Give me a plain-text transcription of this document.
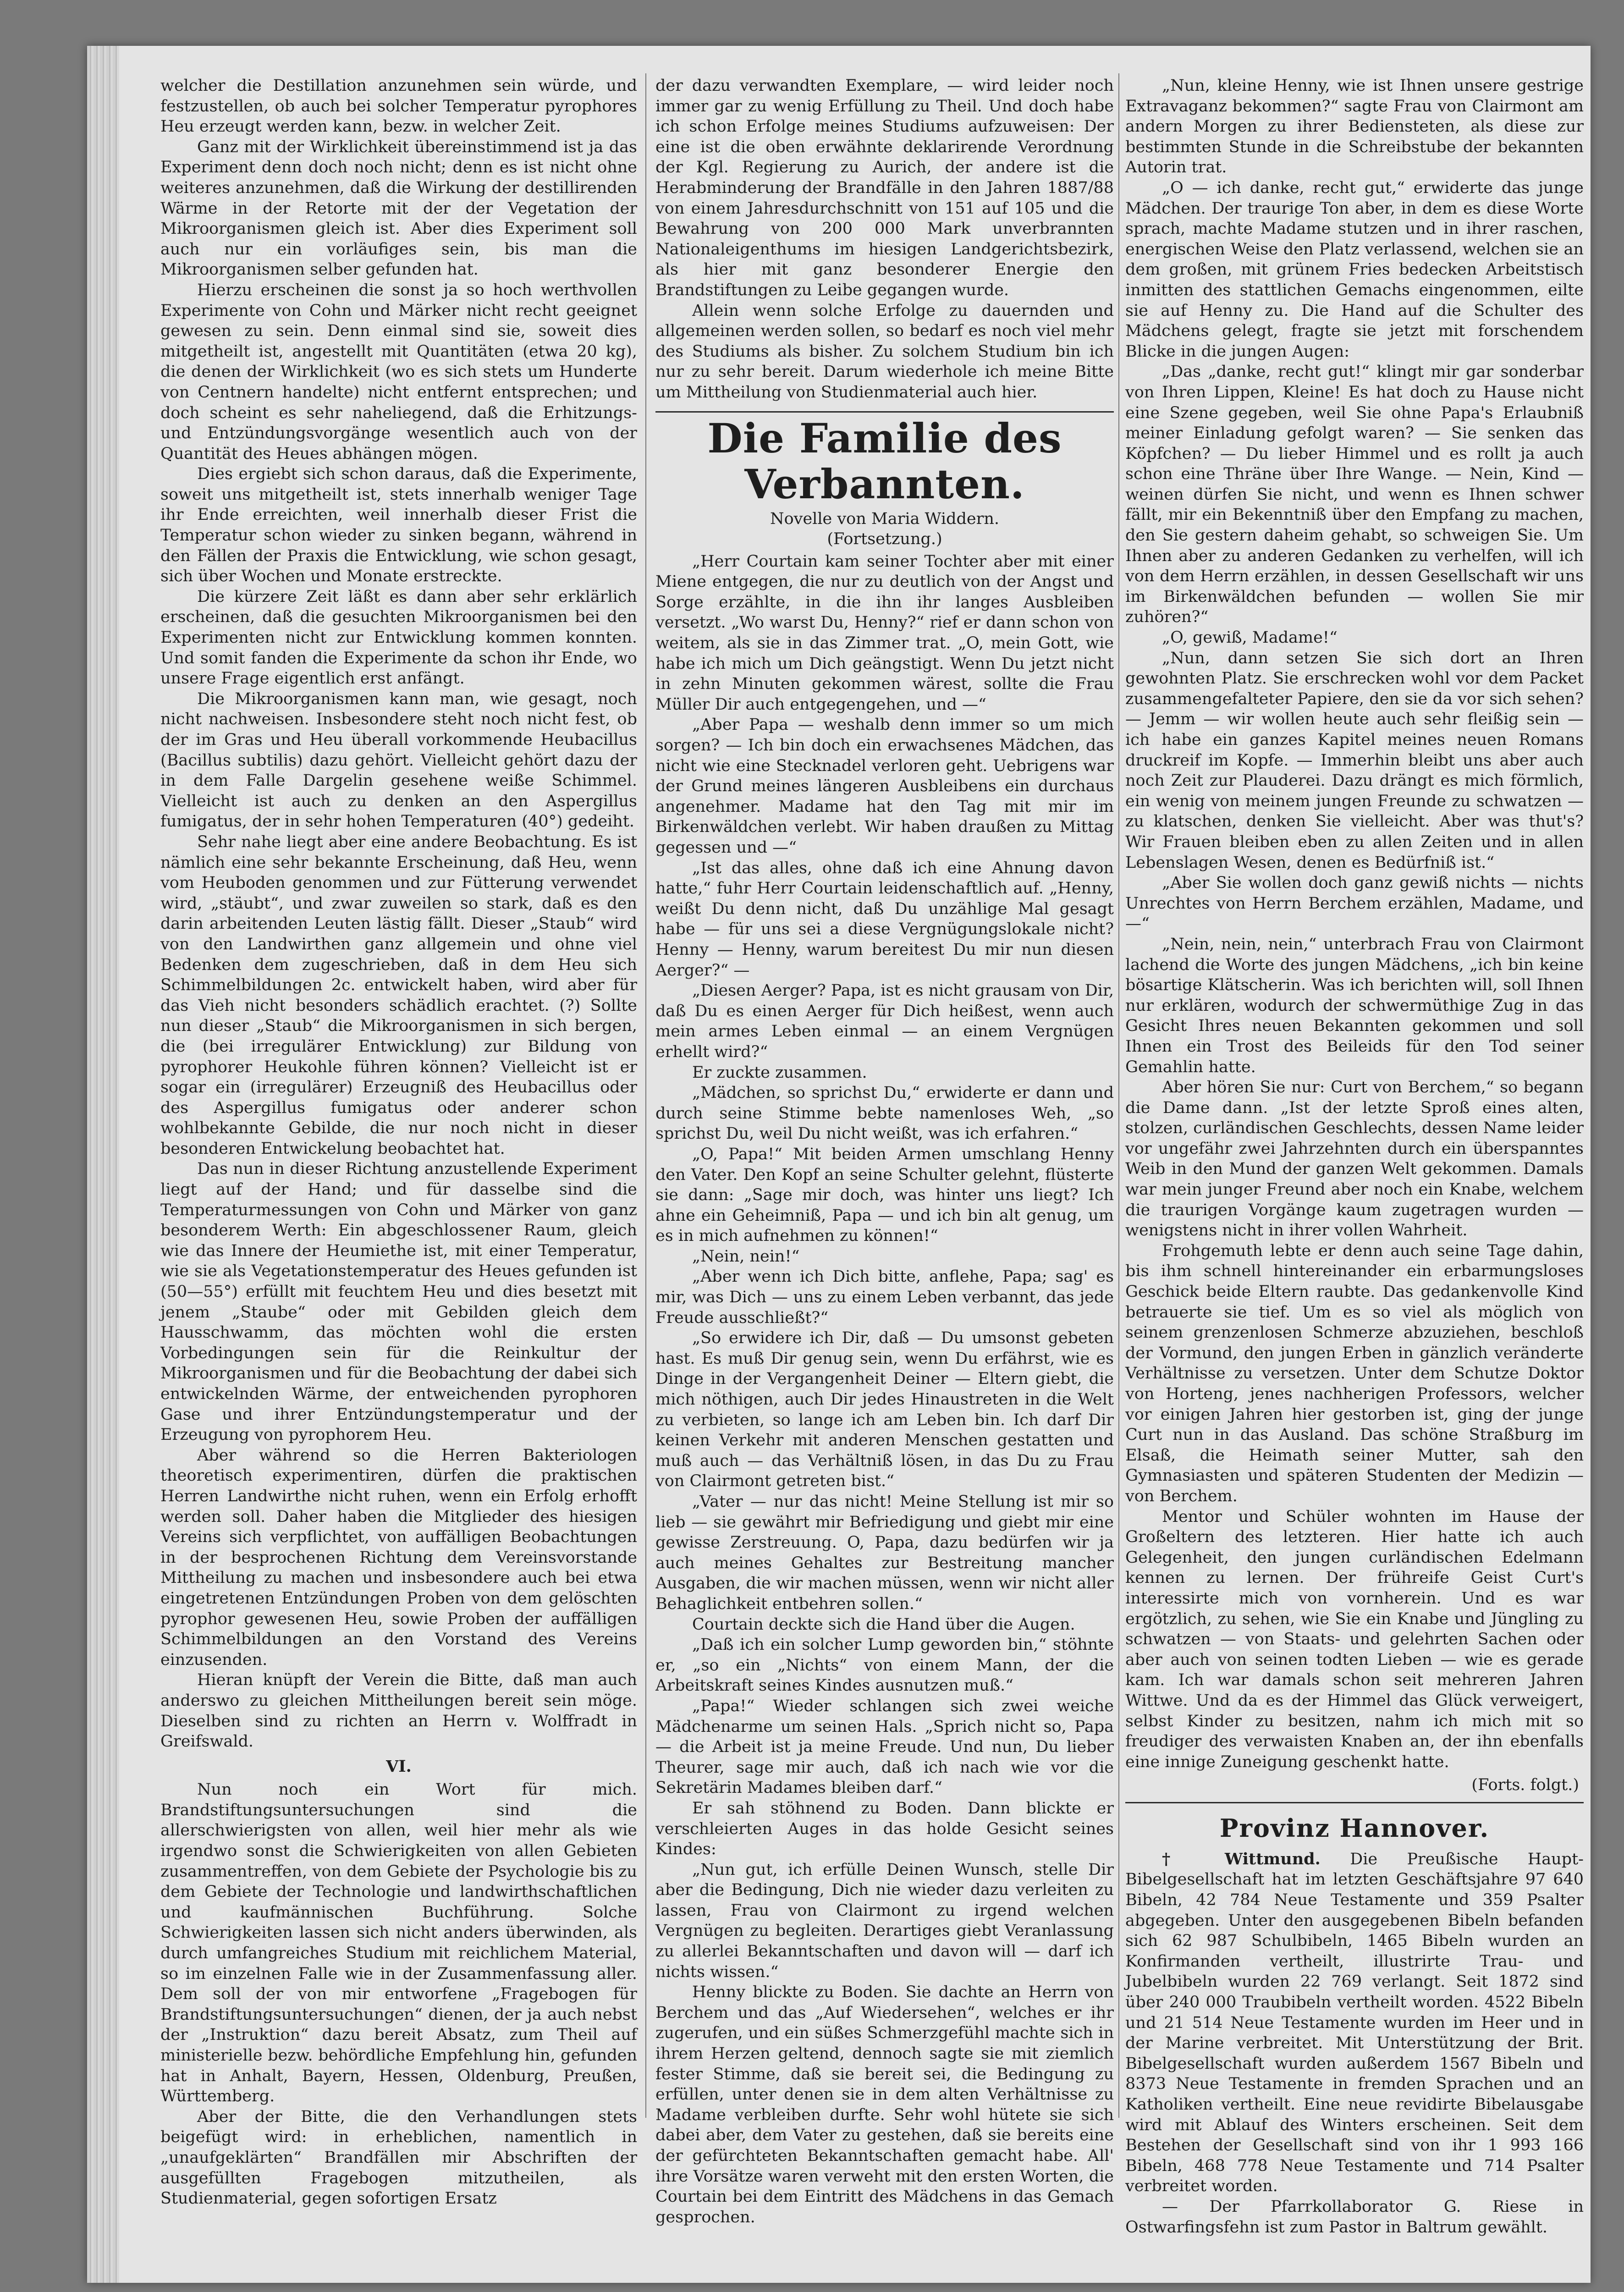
welcher die Destillation anzunehmen sein würde, und festzustellen, ob auch bei solcher Temperatur pyrophores Heu erzeugt werden kann, bezw. in welcher Zeit.

Ganz mit der Wirklichkeit übereinstimmend ist ja das Experiment denn doch noch nicht; denn es ist nicht ohne weiteres anzunehmen, daß die Wirkung der destillirenden Wärme in der Retorte mit der der Vegetation der Mikroorganismen gleich ist. Aber dies Experiment soll auch nur ein vorläufiges sein, bis man die Mikroorganismen selber gefunden hat.

Hierzu erscheinen die sonst ja so hoch werthvollen Experimente von Cohn und Märker nicht recht geeignet gewesen zu sein. Denn einmal sind sie, soweit dies mitgetheilt ist, angestellt mit Quantitäten (etwa 20 kg), die denen der Wirklichkeit (wo es sich stets um Hunderte von Centnern handelte) nicht entfernt entsprechen; und doch scheint es sehr naheliegend, daß die Erhitzungs- und Entzündungsvorgänge wesentlich auch von der Quantität des Heues abhängen mögen.

Dies ergiebt sich schon daraus, daß die Experimente, soweit uns mitgetheilt ist, stets innerhalb weniger Tage ihr Ende erreichten, weil innerhalb dieser Frist die Temperatur schon wieder zu sinken begann, während in den Fällen der Praxis die Entwicklung, wie schon gesagt, sich über Wochen und Monate erstreckte.

Die kürzere Zeit läßt es dann aber sehr erklärlich erscheinen, daß die gesuchten Mikroorganismen bei den Experimenten nicht zur Entwicklung kommen konnten. Und somit fanden die Experimente da schon ihr Ende, wo unsere Frage eigentlich erst anfängt.

Die Mikroorganismen kann man, wie gesagt, noch nicht nachweisen. Insbesondere steht noch nicht fest, ob der im Gras und Heu überall vorkommende Heubacillus (Bacillus subtilis) dazu gehört. Vielleicht gehört dazu der in dem Falle Dargelin gesehene weiße Schimmel. Vielleicht ist auch zu denken an den Aspergillus fumigatus, der in sehr hohen Temperaturen (40°) gedeiht.

Sehr nahe liegt aber eine andere Beobachtung. Es ist nämlich eine sehr bekannte Erscheinung, daß Heu, wenn vom Heuboden genommen und zur Fütterung verwendet wird, „stäubt“, und zwar zuweilen so stark, daß es den darin arbeitenden Leuten lästig fällt. Dieser „Staub“ wird von den Landwirthen ganz allgemein und ohne viel Bedenken dem zugeschrieben, daß in dem Heu sich Schimmelbildungen 2c. entwickelt haben, wird aber für das Vieh nicht besonders schädlich erachtet. (?) Sollte nun dieser „Staub“ die Mikroorganismen in sich bergen, die (bei irregulärer Entwicklung) zur Bildung von pyrophorer Heukohle führen können? Vielleicht ist er sogar ein (irregulärer) Erzeugniß des Heubacillus oder des Aspergillus fumigatus oder anderer schon wohlbekannte Gebilde, die nur noch nicht in dieser besonderen Entwickelung beobachtet hat.

Das nun in dieser Richtung anzustellende Experiment liegt auf der Hand; und für dasselbe sind die Temperaturmessungen von Cohn und Märker von ganz besonderem Werth: Ein abgeschlossener Raum, gleich wie das Innere der Heumiethe ist, mit einer Temperatur, wie sie als Vegetationstemperatur des Heues gefunden ist (50—55°) erfüllt mit feuchtem Heu und dies besetzt mit jenem „Staube“ oder mit Gebilden gleich dem Hausschwamm, das möchten wohl die ersten Vorbedingungen sein für die Reinkultur der Mikroorganismen und für die Beobachtung der dabei sich entwickelnden Wärme, der entweichenden pyrophoren Gase und ihrer Entzündungstemperatur und der Erzeugung von pyrophorem Heu.

Aber während so die Herren Bakteriologen theoretisch experimentiren, dürfen die praktischen Herren Landwirthe nicht ruhen, wenn ein Erfolg erhofft werden soll. Daher haben die Mitglieder des hiesigen Vereins sich verpflichtet, von auffälligen Beobachtungen in der besprochenen Richtung dem Vereinsvorstande Mittheilung zu machen und insbesondere auch bei etwa eingetretenen Entzündungen Proben von dem gelöschten pyrophor gewesenen Heu, sowie Proben der auffälligen Schimmelbildungen an den Vorstand des Vereins einzusenden.

Hieran knüpft der Verein die Bitte, daß man auch anderswo zu gleichen Mittheilungen bereit sein möge. Dieselben sind zu richten an Herrn v. Wolffradt in Greifswald.

VI.

Nun noch ein Wort für mich. Brandstiftungsuntersuchungen sind die allerschwierigsten von allen, weil hier mehr als wie irgendwo sonst die Schwierigkeiten von allen Gebieten zusammentreffen, von dem Gebiete der Psychologie bis zu dem Gebiete der Technologie und landwirthschaftlichen und kaufmännischen Buchführung. Solche Schwierigkeiten lassen sich nicht anders überwinden, als durch umfangreiches Studium mit reichlichem Material, so im einzelnen Falle wie in der Zusammenfassung aller. Dem soll der von mir entworfene „Fragebogen für Brandstiftungsuntersuchungen“ dienen, der ja auch nebst der „Instruktion“ dazu bereit Absatz, zum Theil auf ministerielle bezw. behördliche Empfehlung hin, gefunden hat in Anhalt, Bayern, Hessen, Oldenburg, Preußen, Württemberg.

Aber der Bitte, die den Verhandlungen stets beigefügt wird: in erheblichen, namentlich in „unaufgeklärten“ Brandfällen mir Abschriften der ausgefüllten Fragebogen mitzutheilen, als Studienmaterial, gegen sofortigen Ersatz

der dazu verwandten Exemplare, — wird leider noch immer gar zu wenig Erfüllung zu Theil. Und doch habe ich schon Erfolge meines Studiums aufzuweisen: Der eine ist die oben erwähnte deklarirende Verordnung der Kgl. Regierung zu Aurich, der andere ist die Herabminderung der Brandfälle in den Jahren 1887/88 von einem Jahresdurchschnitt von 151 auf 105 und die Bewahrung von 200 000 Mark unverbrannten Nationaleigenthums im hiesigen Landgerichtsbezirk, als hier mit ganz besonderer Energie den Brandstiftungen zu Leibe gegangen wurde.

Allein wenn solche Erfolge zu dauernden und allgemeinen werden sollen, so bedarf es noch viel mehr des Studiums als bisher. Zu solchem Studium bin ich nur zu sehr bereit. Darum wiederhole ich meine Bitte um Mittheilung von Studienmaterial auch hier.

Die Familie des Verbannten.
Novelle von Maria Widdern.
(Fortsetzung.)

„Herr Courtain kam seiner Tochter aber mit einer Miene entgegen, die nur zu deutlich von der Angst und Sorge erzählte, in die ihn ihr langes Ausbleiben versetzt. „Wo warst Du, Henny?“ rief er dann schon von weitem, als sie in das Zimmer trat. „O, mein Gott, wie habe ich mich um Dich geängstigt. Wenn Du jetzt nicht in zehn Minuten gekommen wärest, sollte die Frau Müller Dir auch entgegengehen, und —“

„Aber Papa — weshalb denn immer so um mich sorgen? — Ich bin doch ein erwachsenes Mädchen, das nicht wie eine Stecknadel verloren geht. Uebrigens war der Grund meines längeren Ausbleibens ein durchaus angenehmer. Madame hat den Tag mit mir im Birkenwäldchen verlebt. Wir haben draußen zu Mittag gegessen und —“

„Ist das alles, ohne daß ich eine Ahnung davon hatte,“ fuhr Herr Courtain leidenschaftlich auf. „Henny, weißt Du denn nicht, daß Du unzählige Mal gesagt habe — für uns sei a diese Vergnügungslokale nicht? Henny — Henny, warum bereitest Du mir nun diesen Aerger?“ —

„Diesen Aerger? Papa, ist es nicht grausam von Dir, daß Du es einen Aerger für Dich heißest, wenn auch mein armes Leben einmal — an einem Vergnügen erhellt wird?“

Er zuckte zusammen.

„Mädchen, so sprichst Du,“ erwiderte er dann und durch seine Stimme bebte namenloses Weh, „so sprichst Du, weil Du nicht weißt, was ich erfahren.“

„O, Papa!“ Mit beiden Armen umschlang Henny den Vater. Den Kopf an seine Schulter gelehnt, flüsterte sie dann: „Sage mir doch, was hinter uns liegt? Ich ahne ein Geheimniß, Papa — und ich bin alt genug, um es in mich aufnehmen zu können!“

„Nein, nein!“

„Aber wenn ich Dich bitte, anflehe, Papa; sag' es mir, was Dich — uns zu einem Leben verbannt, das jede Freude ausschließt?“

„So erwidere ich Dir, daß — Du umsonst gebeten hast. Es muß Dir genug sein, wenn Du erfährst, wie es Dinge in der Vergangenheit Deiner — Eltern giebt, die mich nöthigen, auch Dir jedes Hinaustreten in die Welt zu verbieten, so lange ich am Leben bin. Ich darf Dir keinen Verkehr mit anderen Menschen gestatten und muß auch — das Verhältniß lösen, in das Du zu Frau von Clairmont getreten bist.“

„Vater — nur das nicht! Meine Stellung ist mir so lieb — sie gewährt mir Befriedigung und giebt mir eine gewisse Zerstreuung. O, Papa, dazu bedürfen wir ja auch meines Gehaltes zur Bestreitung mancher Ausgaben, die wir machen müssen, wenn wir nicht aller Behaglichkeit entbehren sollen.“

Courtain deckte sich die Hand über die Augen.

„Daß ich ein solcher Lump geworden bin,“ stöhnte er, „so ein „Nichts“ von einem Mann, der die Arbeitskraft seines Kindes ausnutzen muß.“

„Papa!“ Wieder schlangen sich zwei weiche Mädchenarme um seinen Hals. „Sprich nicht so, Papa — die Arbeit ist ja meine Freude. Und nun, Du lieber Theurer, sage mir auch, daß ich nach wie vor die Sekretärin Madames bleiben darf.“

Er sah stöhnend zu Boden. Dann blickte er verschleierten Auges in das holde Gesicht seines Kindes:

„Nun gut, ich erfülle Deinen Wunsch, stelle Dir aber die Bedingung, Dich nie wieder dazu verleiten zu lassen, Frau von Clairmont zu irgend welchen Vergnügen zu begleiten. Derartiges giebt Veranlassung zu allerlei Bekanntschaften und davon will — darf ich nichts wissen.“

Henny blickte zu Boden. Sie dachte an Herrn von Berchem und das „Auf Wiedersehen“, welches er ihr zugerufen, und ein süßes Schmerzgefühl machte sich in ihrem Herzen geltend, dennoch sagte sie mit ziemlich fester Stimme, daß sie bereit sei, die Bedingung zu erfüllen, unter denen sie in dem alten Verhältnisse zu Madame verbleiben durfte. Sehr wohl hütete sie sich dabei aber, dem Vater zu gestehen, daß sie bereits eine der gefürchteten Bekanntschaften gemacht habe. All' ihre Vorsätze waren verweht mit den ersten Worten, die Courtain bei dem Eintritt des Mädchens in das Gemach gesprochen.

„Nun, kleine Henny, wie ist Ihnen unsere gestrige Extravaganz bekommen?“ sagte Frau von Clairmont am andern Morgen zu ihrer Bediensteten, als diese zur bestimmten Stunde in die Schreibstube der bekannten Autorin trat.

„O — ich danke, recht gut,“ erwiderte das junge Mädchen. Der traurige Ton aber, in dem es diese Worte sprach, machte Madame stutzen und in ihrer raschen, energischen Weise den Platz verlassend, welchen sie an dem großen, mit grünem Fries bedecken Arbeitstisch inmitten des stattlichen Gemachs eingenommen, eilte sie auf Henny zu. Die Hand auf die Schulter des Mädchens gelegt, fragte sie jetzt mit forschendem Blicke in die jungen Augen:

„Das „danke, recht gut!“ klingt mir gar sonderbar von Ihren Lippen, Kleine! Es hat doch zu Hause nicht eine Szene gegeben, weil Sie ohne Papa's Erlaubniß meiner Einladung gefolgt waren? — Sie senken das Köpfchen? — Du lieber Himmel und es rollt ja auch schon eine Thräne über Ihre Wange. — Nein, Kind — weinen dürfen Sie nicht, und wenn es Ihnen schwer fällt, mir ein Bekenntniß über den Empfang zu machen, den Sie gestern daheim gehabt, so schweigen Sie. Um Ihnen aber zu anderen Gedanken zu verhelfen, will ich von dem Herrn erzählen, in dessen Gesellschaft wir uns im Birkenwäldchen befunden — wollen Sie mir zuhören?“

„O, gewiß, Madame!“

„Nun, dann setzen Sie sich dort an Ihren gewohnten Platz. Sie erschrecken wohl vor dem Packet zusammengefalteter Papiere, den sie da vor sich sehen? — Jemm — wir wollen heute auch sehr fleißig sein — ich habe ein ganzes Kapitel meines neuen Romans druckreif im Kopfe. — Immerhin bleibt uns aber auch noch Zeit zur Plauderei. Dazu drängt es mich förmlich, ein wenig von meinem jungen Freunde zu schwatzen — zu klatschen, denken Sie vielleicht. Aber was thut's? Wir Frauen bleiben eben zu allen Zeiten und in allen Lebenslagen Wesen, denen es Bedürfniß ist.“

„Aber Sie wollen doch ganz gewiß nichts — nichts Unrechtes von Herrn Berchem erzählen, Madame, und —“

„Nein, nein, nein,“ unterbrach Frau von Clairmont lachend die Worte des jungen Mädchens, „ich bin keine bösartige Klätscherin. Was ich berichten will, soll Ihnen nur erklären, wodurch der schwermüthige Zug in das Gesicht Ihres neuen Bekannten gekommen und soll Ihnen ein Trost des Beileids für den Tod seiner Gemahlin hatte.

Aber hören Sie nur: Curt von Berchem,“ so begann die Dame dann. „Ist der letzte Sproß eines alten, stolzen, curländischen Geschlechts, dessen Name leider vor ungefähr zwei Jahrzehnten durch ein überspanntes Weib in den Mund der ganzen Welt gekommen. Damals war mein junger Freund aber noch ein Knabe, welchem die traurigen Vorgänge kaum zugetragen wurden — wenigstens nicht in ihrer vollen Wahrheit.

Frohgemuth lebte er denn auch seine Tage dahin, bis ihm schnell hintereinander ein erbarmungsloses Geschick beide Eltern raubte. Das gedankenvolle Kind betrauerte sie tief. Um es so viel als möglich von seinem grenzenlosen Schmerze abzuziehen, beschloß der Vormund, den jungen Erben in gänzlich veränderte Verhältnisse zu versetzen. Unter dem Schutze Doktor von Horteng, jenes nachherigen Professors, welcher vor einigen Jahren hier gestorben ist, ging der junge Curt nun in das Ausland. Das schöne Straßburg im Elsaß, die Heimath seiner Mutter, sah den Gymnasiasten und späteren Studenten der Medizin — von Berchem.

Mentor und Schüler wohnten im Hause der Großeltern des letzteren. Hier hatte ich auch Gelegenheit, den jungen curländischen Edelmann kennen zu lernen. Der frühreife Geist Curt's interessirte mich von vornherein. Und es war ergötzlich, zu sehen, wie Sie ein Knabe und Jüngling zu schwatzen — von Staats- und gelehrten Sachen oder aber auch von seinen todten Lieben — wie es gerade kam. Ich war damals schon seit mehreren Jahren Wittwe. Und da es der Himmel das Glück verweigert, selbst Kinder zu besitzen, nahm ich mich mit so freudiger des verwaisten Knaben an, der ihn ebenfalls eine innige Zuneigung geschenkt hatte.

(Forts. folgt.)
Provinz Hannover.

† Wittmund. Die Preußische Haupt-Bibelgesellschaft hat im letzten Geschäftsjahre 97 640 Bibeln, 42 784 Neue Testamente und 359 Psalter abgegeben. Unter den ausgegebenen Bibeln befanden sich 62 987 Schulbibeln, 1465 Bibeln wurden an Konfirmanden vertheilt, illustrirte Trau- und Jubelbibeln wurden 22 769 verlangt. Seit 1872 sind über 240 000 Traubibeln vertheilt worden. 4522 Bibeln und 21 514 Neue Testamente wurden im Heer und in der Marine verbreitet. Mit Unterstützung der Brit. Bibelgesellschaft wurden außerdem 1567 Bibeln und 8373 Neue Testamente in fremden Sprachen und an Katholiken vertheilt. Eine neue revidirte Bibelausgabe wird mit Ablauf des Winters erscheinen. Seit dem Bestehen der Gesellschaft sind von ihr 1 993 166 Bibeln, 468 778 Neue Testamente und 714 Psalter verbreitet worden.

— Der Pfarrkollaborator G. Riese in Ostwarfingsfehn ist zum Pastor in Baltrum gewählt.
